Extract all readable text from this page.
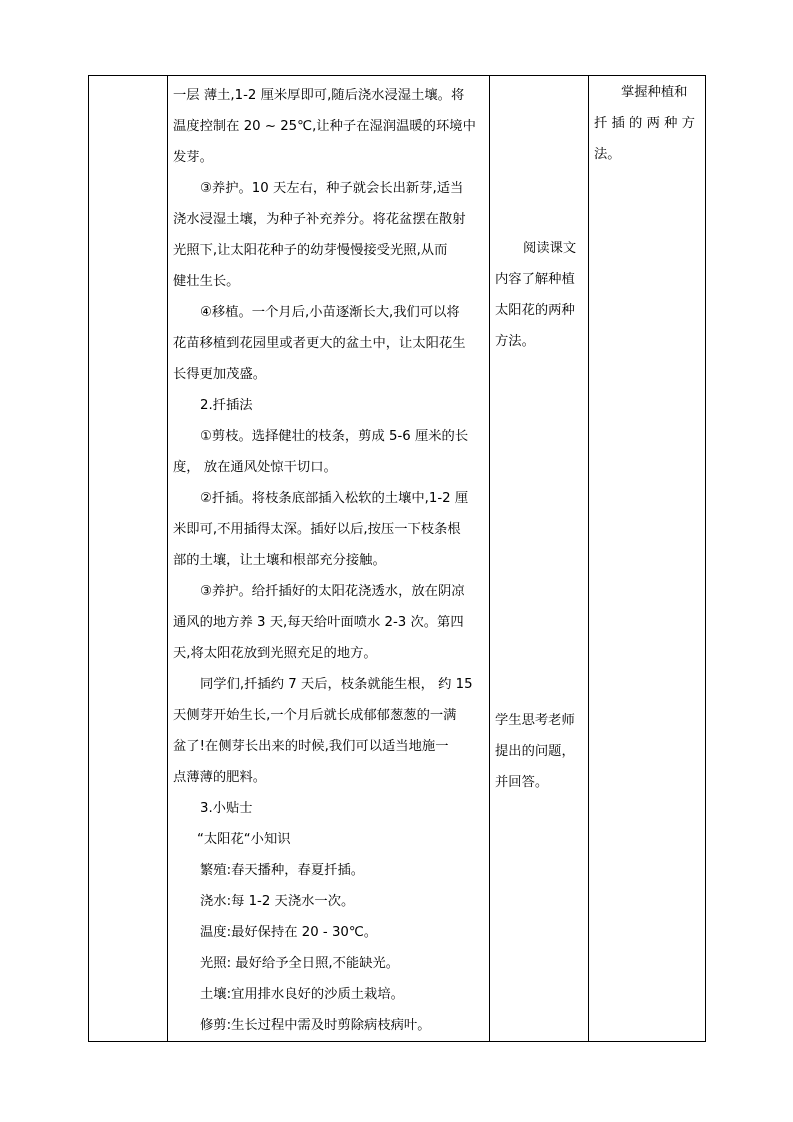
一层 薄土,1-2 厘米厚即可,随后浇水浸湿土壤。将

温度控制在 20 ~ 25℃,让种子在湿润温暖的环境中

发芽。

③养护。10 天左右，种子就会长出新芽,适当

浇水浸湿土壤，为种子补充养分。将花盆摆在散射

光照下,让太阳花种子的幼芽慢慢接受光照,从而

健壮生长。

④移植。一个月后,小苗逐渐长大,我们可以将

花苗移植到花园里或者更大的盆土中，让太阳花生

长得更加茂盛。

2.扦插法

①剪枝。选择健壮的枝条，剪成 5-6 厘米的长

度， 放在通风处惊干切口。

②扦插。将枝条底部插入松软的土壤中,1-2 厘

米即可,不用插得太深。插好以后,按压一下枝条根

部的土壤，让土壤和根部充分接触。

③养护。给扦插好的太阳花浇透水，放在阴凉

通风的地方养 3 天,每天给叶面喷水 2-3 次。第四

天,将太阳花放到光照充足的地方。

同学们,扦插约 7 天后，枝条就能生根， 约 15

天侧芽开始生长,一个月后就长成郁郁葱葱的一满

盆了!在侧芽长出来的时候,我们可以适当地施一

点薄薄的肥料。

3.小贴士

“太阳花“小知识

繁殖:春天播种，春夏扦插。

浇水:每 1-2 天浇水一次。

温度:最好保持在 20 - 30℃。

光照: 最好给予全日照,不能缺光。

土壤:宜用排水良好的沙质土栽培。

修剪:生长过程中需及时剪除病枝病叶。

阅读课文

内容了解种植

太阳花的两种

方法。

学生思考老师

提出的问题，

并回答。

掌握种植和

扦 插 的 两 种 方

法。
